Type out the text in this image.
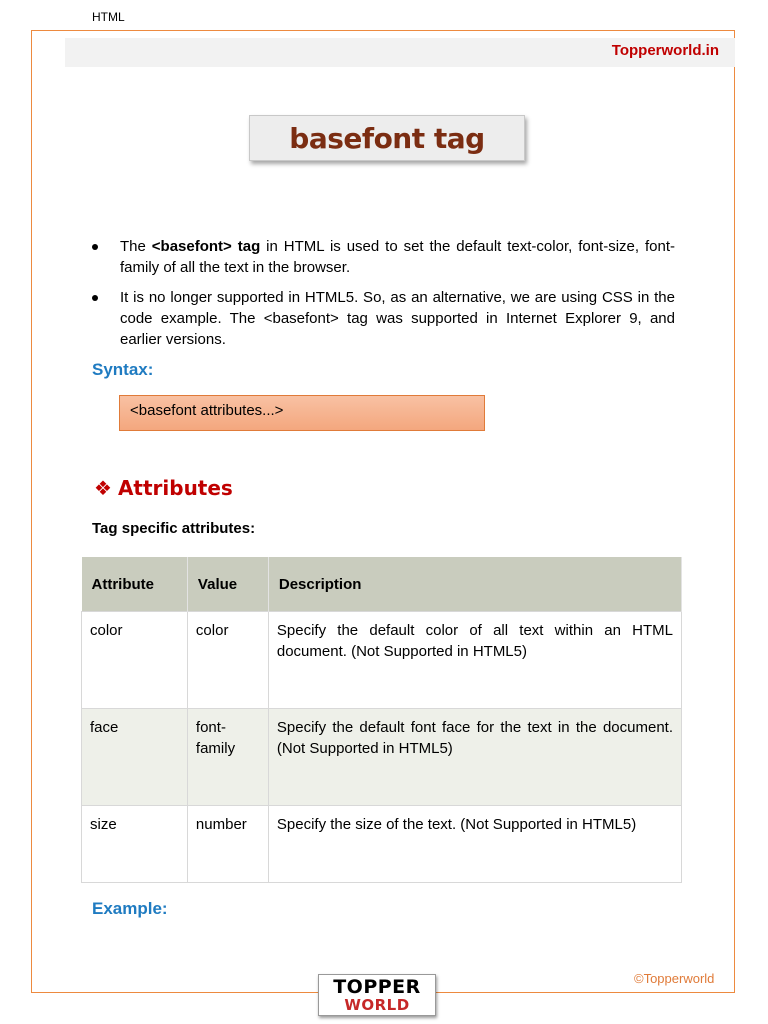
HTML
Topperworld.in
basefont tag
The <basefont> tag in HTML is used to set the default text-color, font-size, font-family of all the text in the browser.
It is no longer supported in HTML5. So, as an alternative, we are using CSS in the code example. The <basefont> tag was supported in Internet Explorer 9, and earlier versions.
Syntax:
<basefont attributes...>
❖ Attributes
Tag specific attributes:
Attribute	Value	Description
color	color	Specify the default color of all text within an HTML document. (Not Supported in HTML5)
face	font-family	Specify the default font face for the text in the document. (Not Supported in HTML5)
size	number	Specify the size of the text. (Not Supported in HTML5)
Example:
©Topperworld
TOPPER
WORLD
